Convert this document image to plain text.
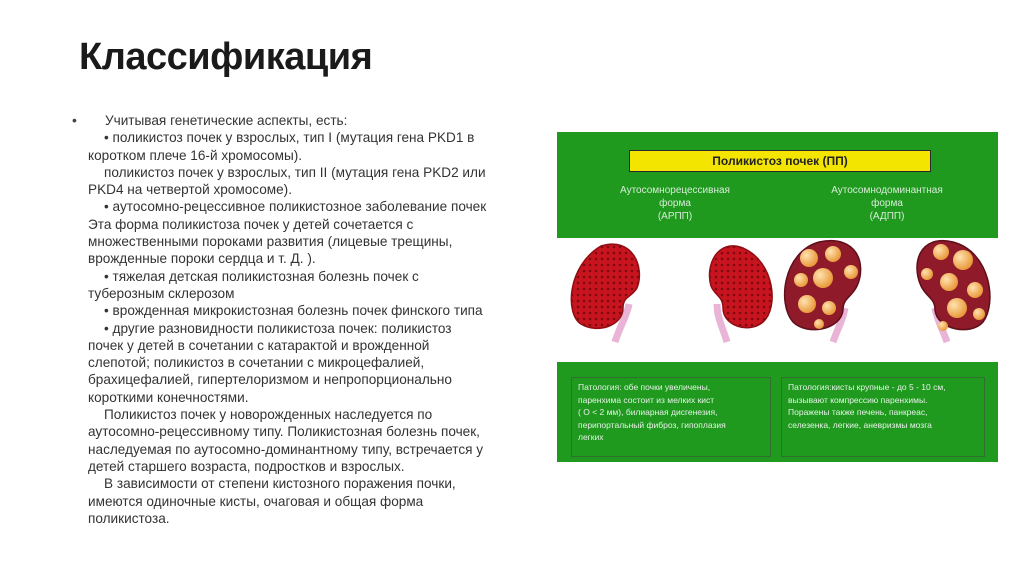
Классификация
•	Учитывая генетические аспекты, есть:
• поликистоз почек у взрослых, тип I (мутация гена PKD1 в
коротком плече 16-й хромосомы).
поликистоз почек у взрослых, тип II (мутация гена PKD2 или
PKD4 на четвертой хромосоме).
• аутосомно-рецессивное поликистозное заболевание почек
Эта форма поликистоза почек у детей сочетается с
множественными пороками развития (лицевые трещины,
врожденные пороки сердца и т. Д. ).
• тяжелая детская поликистозная болезнь почек с
туберозным склерозом
• врожденная микрокистозная болезнь почек финского типа
• другие разновидности поликистоза почек: поликистоз
почек у детей в сочетании с катарактой и врожденной
слепотой; поликистоз в сочетании с микроцефалией,
брахицефалией, гипертелоризмом и непропорционально
короткими конечностями.
Поликистоз почек у новорожденных наследуется по
аутосомно-рецессивному типу. Поликистозная болезнь почек,
наследуемая по аутосомно-доминантному типу, встречается у
детей старшего возраста, подростков и взрослых.
В зависимости от степени кистозного поражения почки,
имеются одиночные кисты, очаговая и общая форма
поликистоза.
Поликистоз почек (ПП)
Аутосомнорецессивная
форма
(АРПП)
Аутосомнодоминантная
форма
(АДПП)
Патология: обе почки увеличены,
паренхима состоит из мелких кист
( О < 2 мм), билиарная дисгенезия,
перипортальный фиброз, гипоплазия
легких
Патология:кисты крупные - до 5 - 10 см,
вызывают компрессию паренхимы.
Поражены также печень, панкреас,
селезенка, легкие, аневризмы мозга
